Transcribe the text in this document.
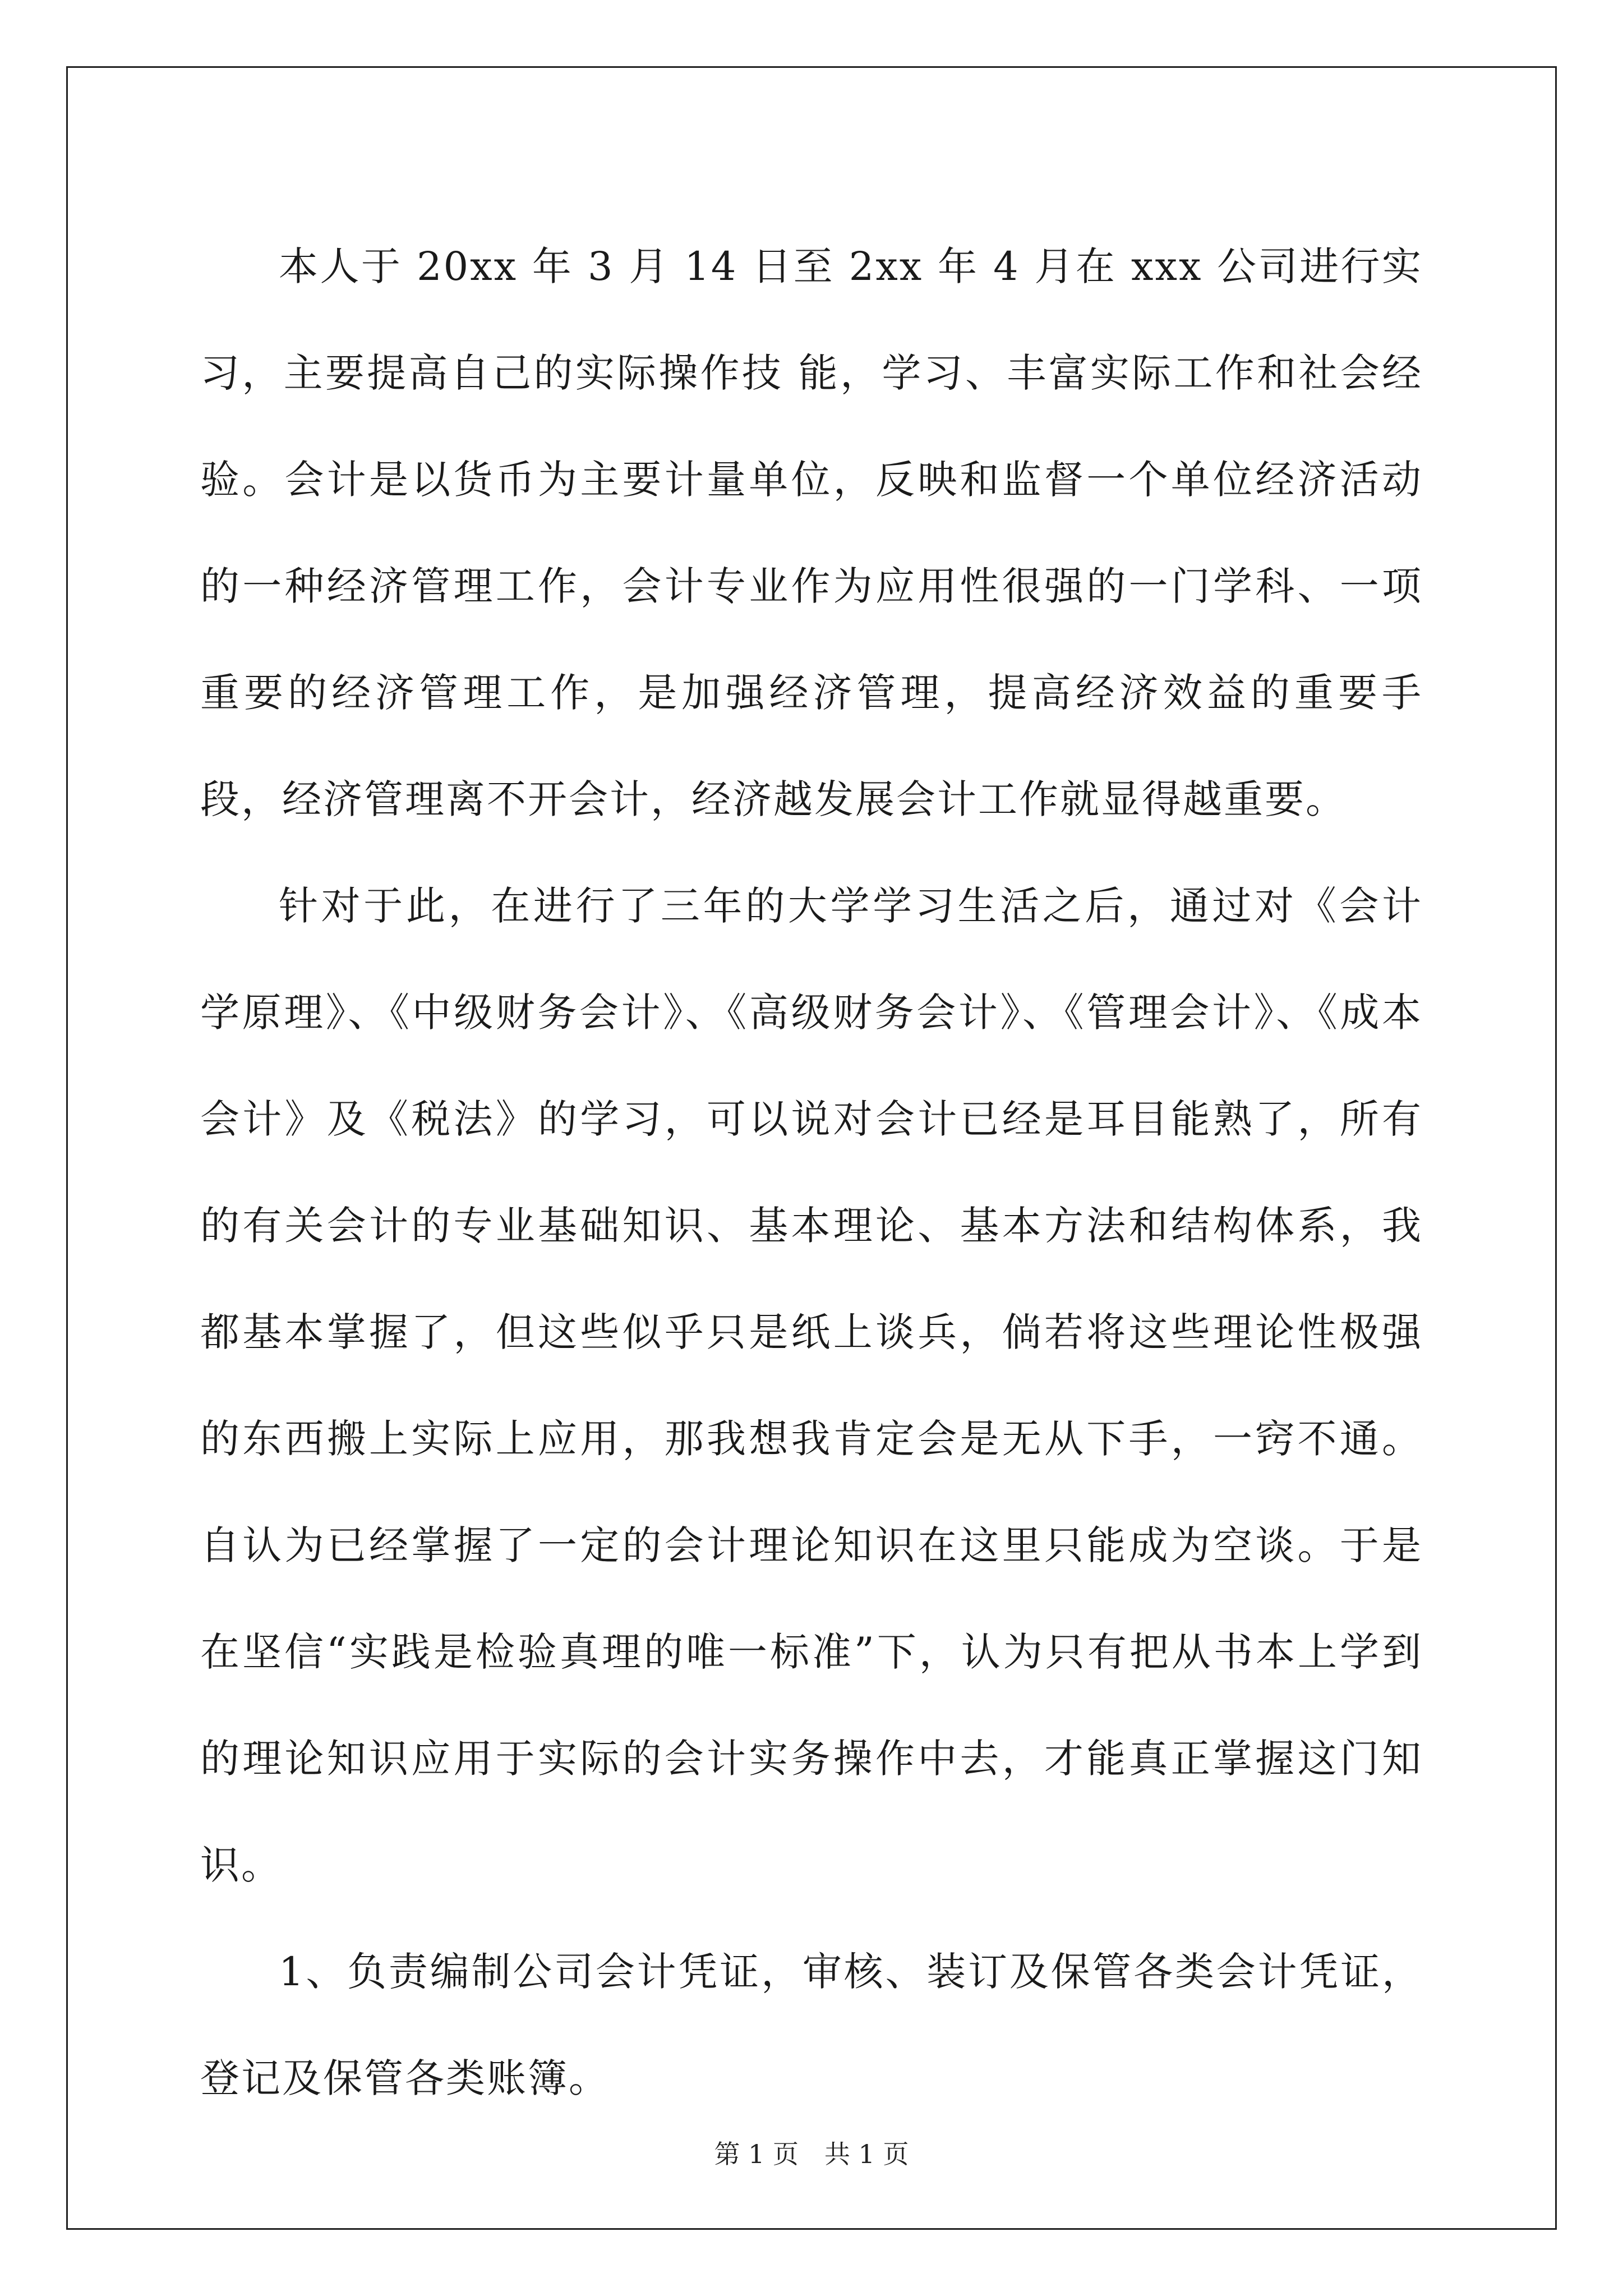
本人于 20xx 年 3 月 14 日至 2xx 年 4 月在 xxx 公司进行实习，主要提高自己的实际操作技 能，学习、丰富实际工作和社会经验。会计是以货币为主要计量单位，反映和监督一个单位经济活动的一种经济管理工作，会计专业作为应用性很强的一门学科、一项重要的经济管理工作，是加强经济管理，提高经济效益的重要手段，经济管理离不开会计，经济越发展会计工作就显得越重要。

针对于此，在进行了三年的大学学习生活之后，通过对《会计学原理》、《中级财务会计》、《高级财务会计》、《管理会计》、《成本会计》及《税法》的学习，可以说对会计已经是耳目能熟了，所有的有关会计的专业基础知识、基本理论、基本方法和结构体系，我都基本掌握了，但这些似乎只是纸上谈兵，倘若将这些理论性极强的东西搬上实际上应用，那我想我肯定会是无从下手，一窍不通。自认为已经掌握了一定的会计理论知识在这里只能成为空谈。于是在坚信“实践是检验真理的唯一标准”下，认为只有把从书本上学到的理论知识应用于实际的会计实务操作中去，才能真正掌握这门知识。

1、负责编制公司会计凭证，审核、装订及保管各类会计凭证，登记及保管各类账簿。

第 1 页　共 1 页
